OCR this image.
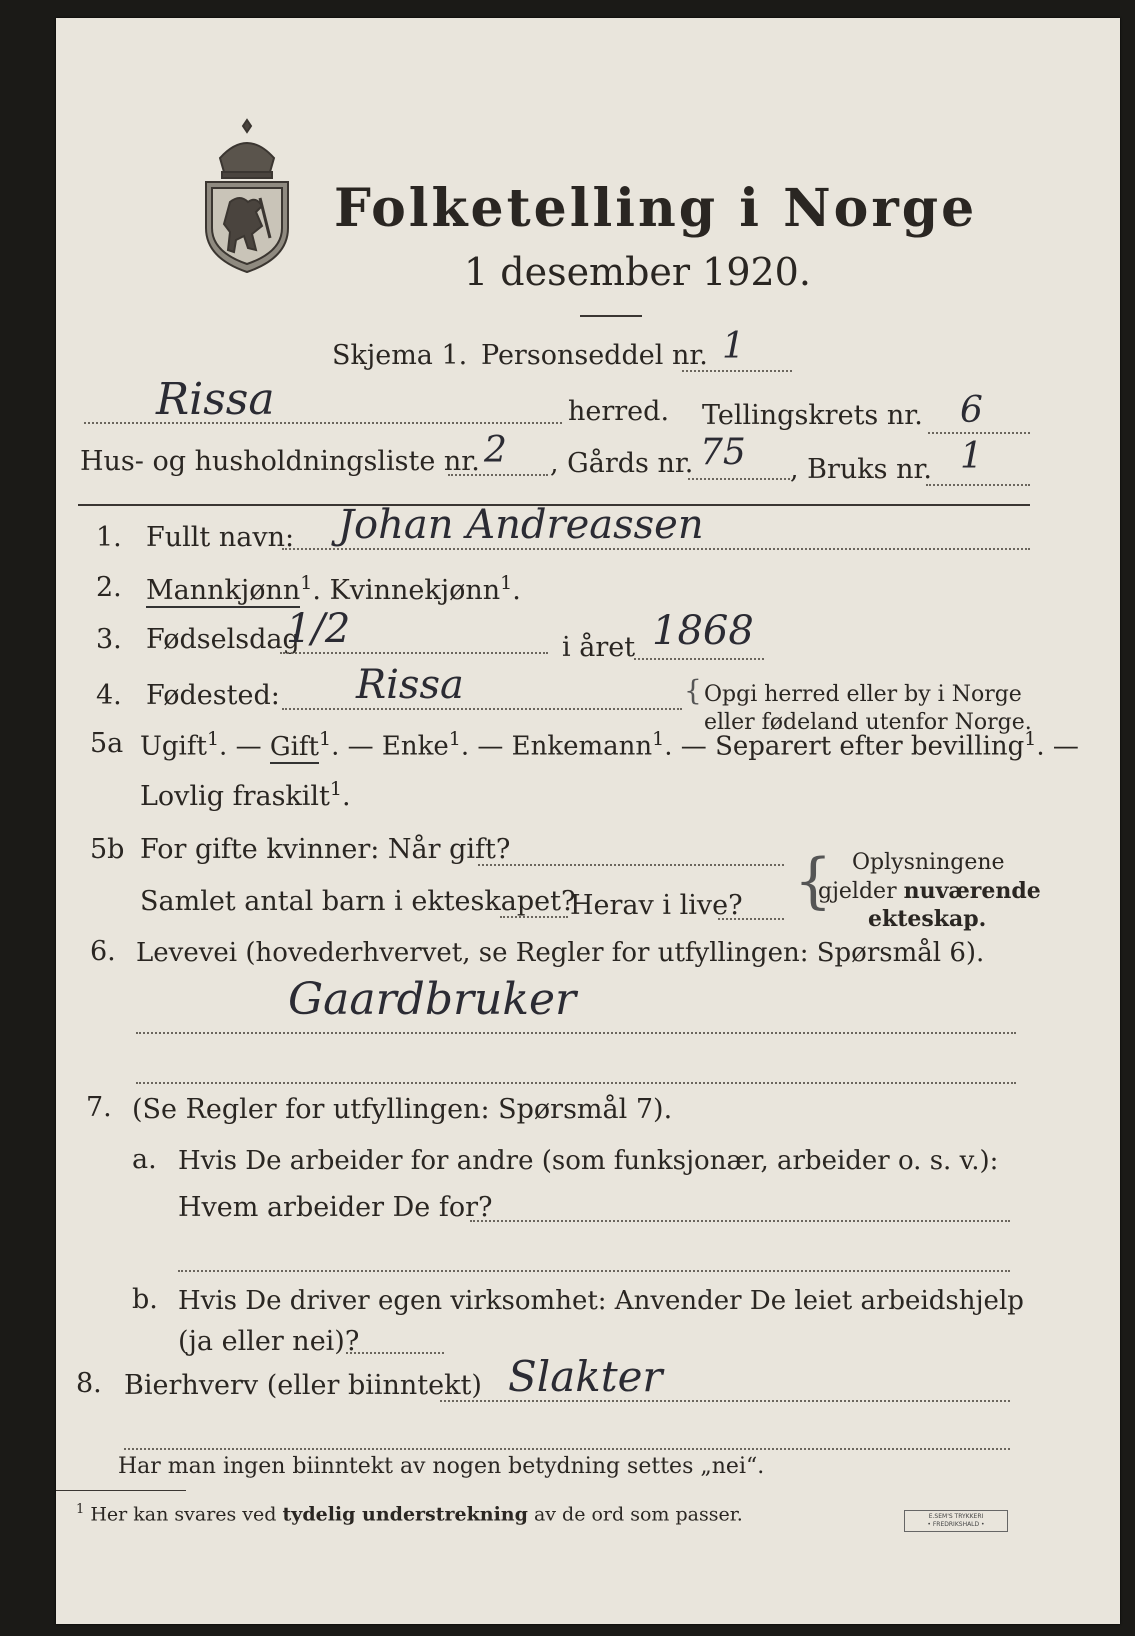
Folketelling i Norge
1 desember 1920.
Skjema 1. Personseddel nr. 1
Rissa	herred. Tellingskrets nr. 6
Hus- og husholdningsliste nr. 2 , Gårds nr. 75 , Bruks nr. 1
1. Fullt navn: Johan Andreassen
2. Mannkjønn$^1$. Kvinnekjønn$^1$.
3. Fødselsdag
1/2	i året 1868
4. Fødested: Rissa	{ Opgi herred eller by i Norge
eller fødeland utenfor Norge.
5a Ugift$^1$. — Gift$^1$. — Enke$^1$. — Enkemann$^1$. — Separert efter bevilling$^1$. —
Lovlig fraskilt$^1$.
5b For gifte kvinner: Når gift?
Samlet antal barn i ekteskapet?
Herav i live? { Oplysningene
gjelder nuværende
ekteskap.
6. Levevei (hovederhvervet, se Regler for utfyllingen: Spørsmål 6).
Gaardbruker
7. (Se Regler for utfyllingen: Spørsmål 7).
a. Hvis De arbeider for andre (som funksjonær, arbeider o. s. v.):
Hvem arbeider De for?
b. Hvis De driver egen virksomhet: Anvender De leiet arbeidshjelp
(ja eller nei)?
8. Bierhverv (eller biinntekt) Slakter
Har man ingen biinntekt av nogen betydning settes „nei“.
$^1$ Her kan svares ved tydelig understrekning av de ord som passer.	E.SEM'S TRYKKERI
• FREDRIKSHALD •
